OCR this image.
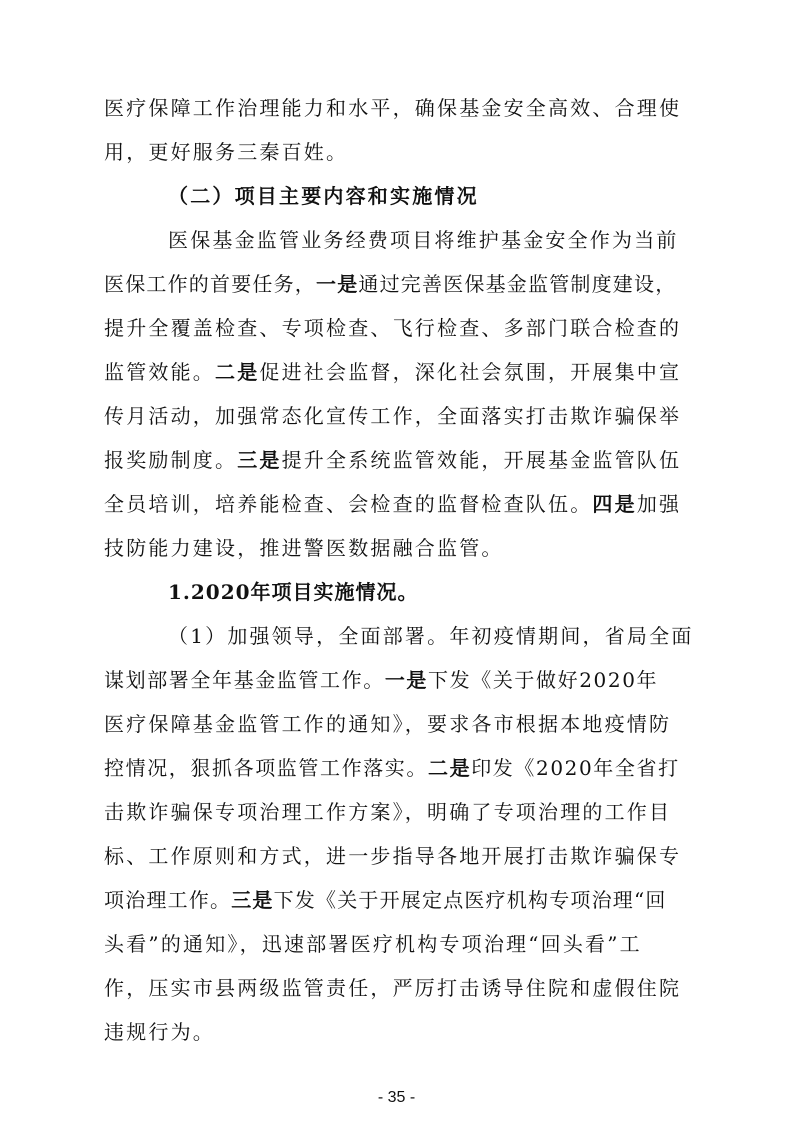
医疗保障工作治理能力和水平，确保基金安全高效、合理使
用，更好服务三秦百姓。
（二）项目主要内容和实施情况
医保基金监管业务经费项目将维护基金安全作为当前
医保工作的首要任务，一是通过完善医保基金监管制度建设，
提升全覆盖检查、专项检查、飞行检查、多部门联合检查的
监管效能。二是促进社会监督，深化社会氛围，开展集中宣
传月活动，加强常态化宣传工作，全面落实打击欺诈骗保举
报奖励制度。三是提升全系统监管效能，开展基金监管队伍
全员培训，培养能检查、会检查的监督检查队伍。四是加强
技防能力建设，推进警医数据融合监管。
1.2020年项目实施情况。
（1）加强领导，全面部署。年初疫情期间，省局全面
谋划部署全年基金监管工作。一是下发《关于做好2020年
医疗保障基金监管工作的通知》，要求各市根据本地疫情防
控情况，狠抓各项监管工作落实。二是印发《2020年全省打
击欺诈骗保专项治理工作方案》，明确了专项治理的工作目
标、工作原则和方式，进一步指导各地开展打击欺诈骗保专
项治理工作。三是下发《关于开展定点医疗机构专项治理“回
头看”的通知》，迅速部署医疗机构专项治理“回头看”工
作，压实市县两级监管责任，严厉打击诱导住院和虚假住院
违规行为。
- 35 -
